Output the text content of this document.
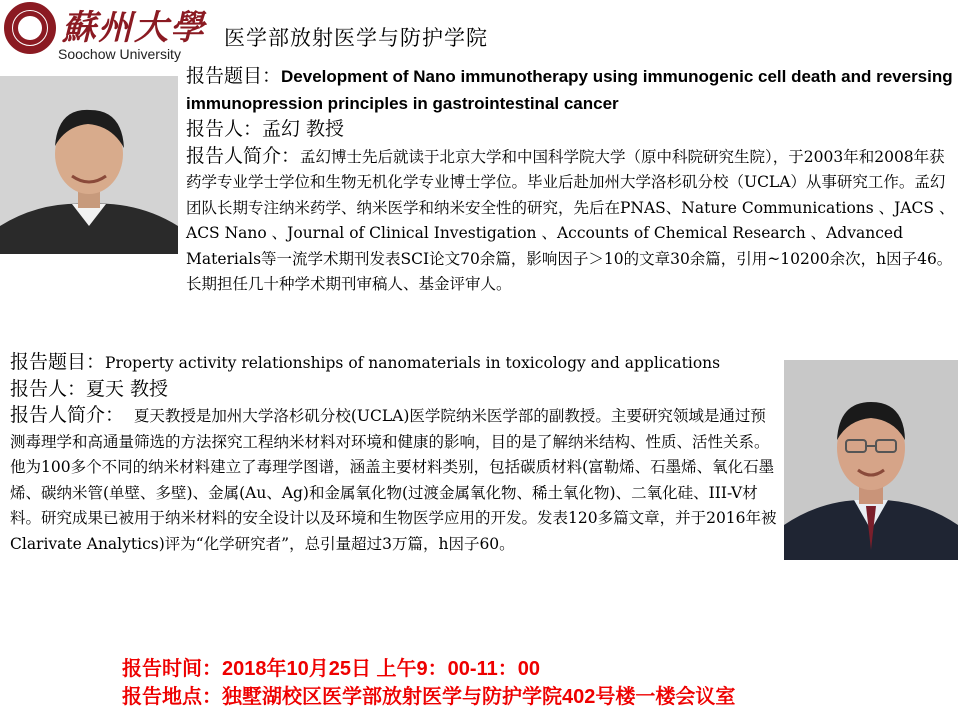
蘇州大學
Soochow University
医学部放射医学与防护学院

报告题目：Development of Nano immunotherapy using immunogenic cell death and reversing immunopression principles in gastrointestinal cancer

报告人：孟幻 教授

报告人简介：孟幻博士先后就读于北京大学和中国科学院大学（原中科院研究生院），于2003年和2008年获药学专业学士学位和生物无机化学专业博士学位。毕业后赴加州大学洛杉矶分校（UCLA）从事研究工作。孟幻团队长期专注纳米药学、纳米医学和纳米安全性的研究，先后在PNAS、Nature Communications 、JACS 、ACS Nano 、Journal of Clinical Investigation 、Accounts of Chemical Research 、Advanced Materials等一流学术期刊发表SCI论文70余篇，影响因子＞10的文章30余篇，引用~10200余次，h因子46。长期担任几十种学术期刊审稿人、基金评审人。

报告题目：Property activity relationships of nanomaterials in toxicology and applications

报告人：夏天 教授

报告人简介：  夏天教授是加州大学洛杉矶分校(UCLA)医学院纳米医学部的副教授。主要研究领域是通过预测毒理学和高通量筛选的方法探究工程纳米材料对环境和健康的影响，目的是了解纳米结构、性质、活性关系。他为100多个不同的纳米材料建立了毒理学图谱，涵盖主要材料类别，包括碳质材料(富勒烯、石墨烯、氧化石墨烯、碳纳米管(单壁、多壁)、金属(Au、Ag)和金属氧化物(过渡金属氧化物、稀土氧化物)、二氧化硅、III-V材料。研究成果已被用于纳米材料的安全设计以及环境和生物医学应用的开发。发表120多篇文章，并于2016年被Clarivate Analytics)评为“化学研究者”，总引量超过3万篇，h因子60。

报告时间：2018年10月25日 上午9：00-11：00
报告地点：独墅湖校区医学部放射医学与防护学院402号楼一楼会议室
